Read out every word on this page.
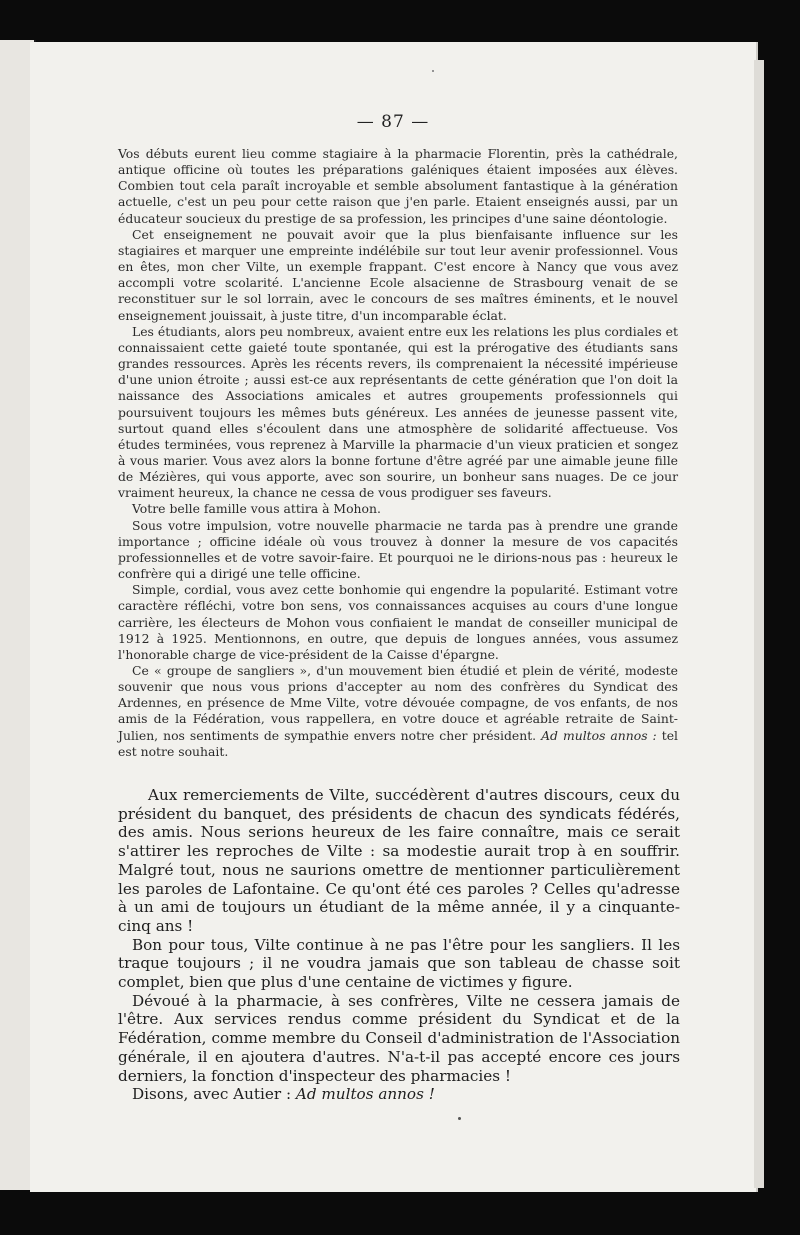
— 87 —

Vos débuts eurent lieu comme stagiaire à la pharmacie Florentin, près la cathédrale, antique officine où toutes les préparations galéniques étaient imposées aux élèves. Combien tout cela paraît incroyable et semble absolument fantastique à la génération actuelle, c'est un peu pour cette raison que j'en parle. Etaient enseignés aussi, par un éducateur soucieux du prestige de sa profession, les principes d'une saine déontologie.

Cet enseignement ne pouvait avoir que la plus bienfaisante influence sur les stagiaires et marquer une empreinte indélébile sur tout leur avenir professionnel. Vous en êtes, mon cher Vilte, un exemple frappant. C'est encore à Nancy que vous avez accompli votre scolarité. L'ancienne Ecole alsacienne de Strasbourg venait de se reconstituer sur le sol lorrain, avec le concours de ses maîtres éminents, et le nouvel enseignement jouissait, à juste titre, d'un incomparable éclat.

Les étudiants, alors peu nombreux, avaient entre eux les relations les plus cordiales et connaissaient cette gaieté toute spontanée, qui est la prérogative des étudiants sans grandes ressources. Après les récents revers, ils comprenaient la nécessité impérieuse d'une union étroite ; aussi est-ce aux représentants de cette génération que l'on doit la naissance des Associations amicales et autres groupements professionnels qui poursuivent toujours les mêmes buts généreux. Les années de jeunesse passent vite, surtout quand elles s'écoulent dans une atmosphère de solidarité affectueuse. Vos études terminées, vous reprenez à Marville la pharmacie d'un vieux praticien et songez à vous marier. Vous avez alors la bonne fortune d'être agréé par une aimable jeune fille de Mézières, qui vous apporte, avec son sourire, un bonheur sans nuages. De ce jour vraiment heureux, la chance ne cessa de vous prodiguer ses faveurs.

Votre belle famille vous attira à Mohon.

Sous votre impulsion, votre nouvelle pharmacie ne tarda pas à prendre une grande importance ; officine idéale où vous trouvez à donner la mesure de vos capacités professionnelles et de votre savoir-faire. Et pourquoi ne le dirions-nous pas : heureux le confrère qui a dirigé une telle officine.

Simple, cordial, vous avez cette bonhomie qui engendre la popularité. Estimant votre caractère réfléchi, votre bon sens, vos connaissances acquises au cours d'une longue carrière, les électeurs de Mohon vous confiaient le mandat de conseiller municipal de 1912 à 1925. Mentionnons, en outre, que depuis de longues années, vous assumez l'honorable charge de vice-président de la Caisse d'épargne.

Ce « groupe de sangliers », d'un mouvement bien étudié et plein de vérité, modeste souvenir que nous vous prions d'accepter au nom des confrères du Syndicat des Ardennes, en présence de Mme Vilte, votre dévouée compagne, de vos enfants, de nos amis de la Fédération, vous rappellera, en votre douce et agréable retraite de Saint-Julien, nos sentiments de sympathie envers notre cher président. Ad multos annos : tel est notre souhait.

Aux remerciements de Vilte, succédèrent d'autres discours, ceux du président du banquet, des présidents de chacun des syndicats fédérés, des amis. Nous serions heureux de les faire connaître, mais ce serait s'attirer les reproches de Vilte : sa modestie aurait trop à en souffrir. Malgré tout, nous ne saurions omettre de mentionner particulièrement les paroles de Lafontaine. Ce qu'ont été ces paroles ? Celles qu'adresse à un ami de toujours un étudiant de la même année, il y a cinquante-cinq ans !

Bon pour tous, Vilte continue à ne pas l'être pour les sangliers. Il les traque toujours ; il ne voudra jamais que son tableau de chasse soit complet, bien que plus d'une centaine de victimes y figure.

Dévoué à la pharmacie, à ses confrères, Vilte ne cessera jamais de l'être. Aux services rendus comme président du Syndicat et de la Fédération, comme membre du Conseil d'administration de l'Association générale, il en ajoutera d'autres. N'a-t-il pas accepté encore ces jours derniers, la fonction d'inspecteur des pharmacies !

Disons, avec Autier : Ad multos annos !
